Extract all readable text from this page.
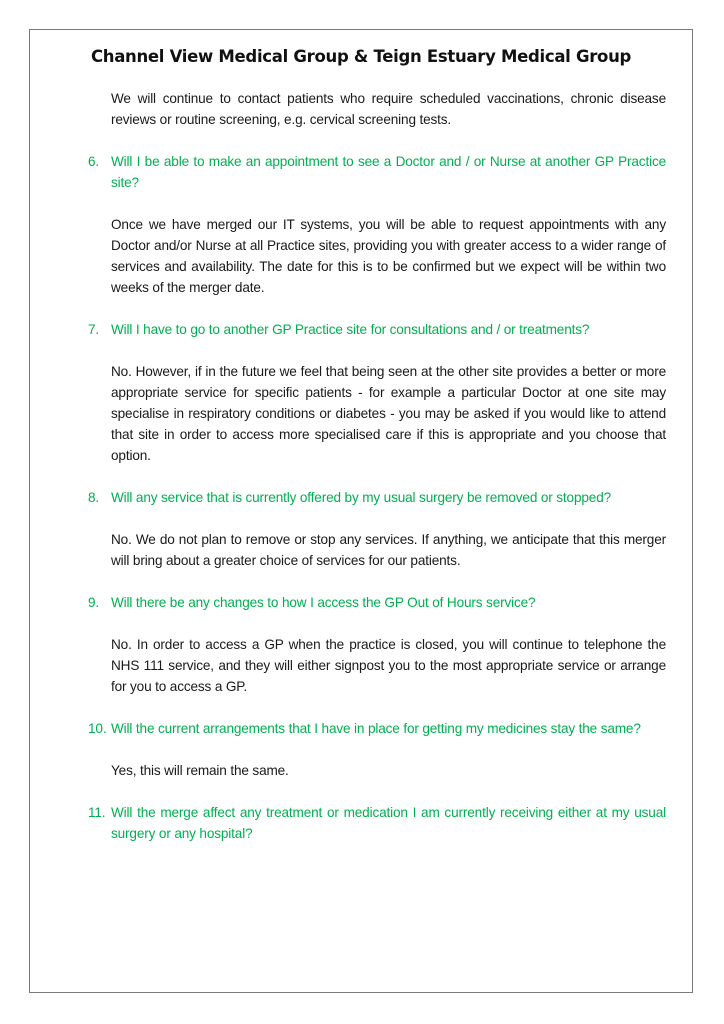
Channel View Medical Group & Teign Estuary Medical Group

We will continue to contact patients who require scheduled vaccinations, chronic disease reviews or routine screening, e.g. cervical screening tests.

6. Will I be able to make an appointment to see a Doctor and / or Nurse at another GP Practice site?

Once we have merged our IT systems, you will be able to request appointments with any Doctor and/or Nurse at all Practice sites, providing you with greater access to a wider range of services and availability. The date for this is to be confirmed but we expect will be within two weeks of the merger date.

7. Will I have to go to another GP Practice site for consultations and / or treatments?

No. However, if in the future we feel that being seen at the other site provides a better or more appropriate service for specific patients - for example a particular Doctor at one site may specialise in respiratory conditions or diabetes - you may be asked if you would like to attend that site in order to access more specialised care if this is appropriate and you choose that option.

8. Will any service that is currently offered by my usual surgery be removed or stopped?

No. We do not plan to remove or stop any services. If anything, we anticipate that this merger will bring about a greater choice of services for our patients.

9. Will there be any changes to how I access the GP Out of Hours service?

No. In order to access a GP when the practice is closed, you will continue to telephone the NHS 111 service, and they will either signpost you to the most appropriate service or arrange for you to access a GP.

10. Will the current arrangements that I have in place for getting my medicines stay the same?

Yes, this will remain the same.

11. Will the merge affect any treatment or medication I am currently receiving either at my usual surgery or any hospital?
